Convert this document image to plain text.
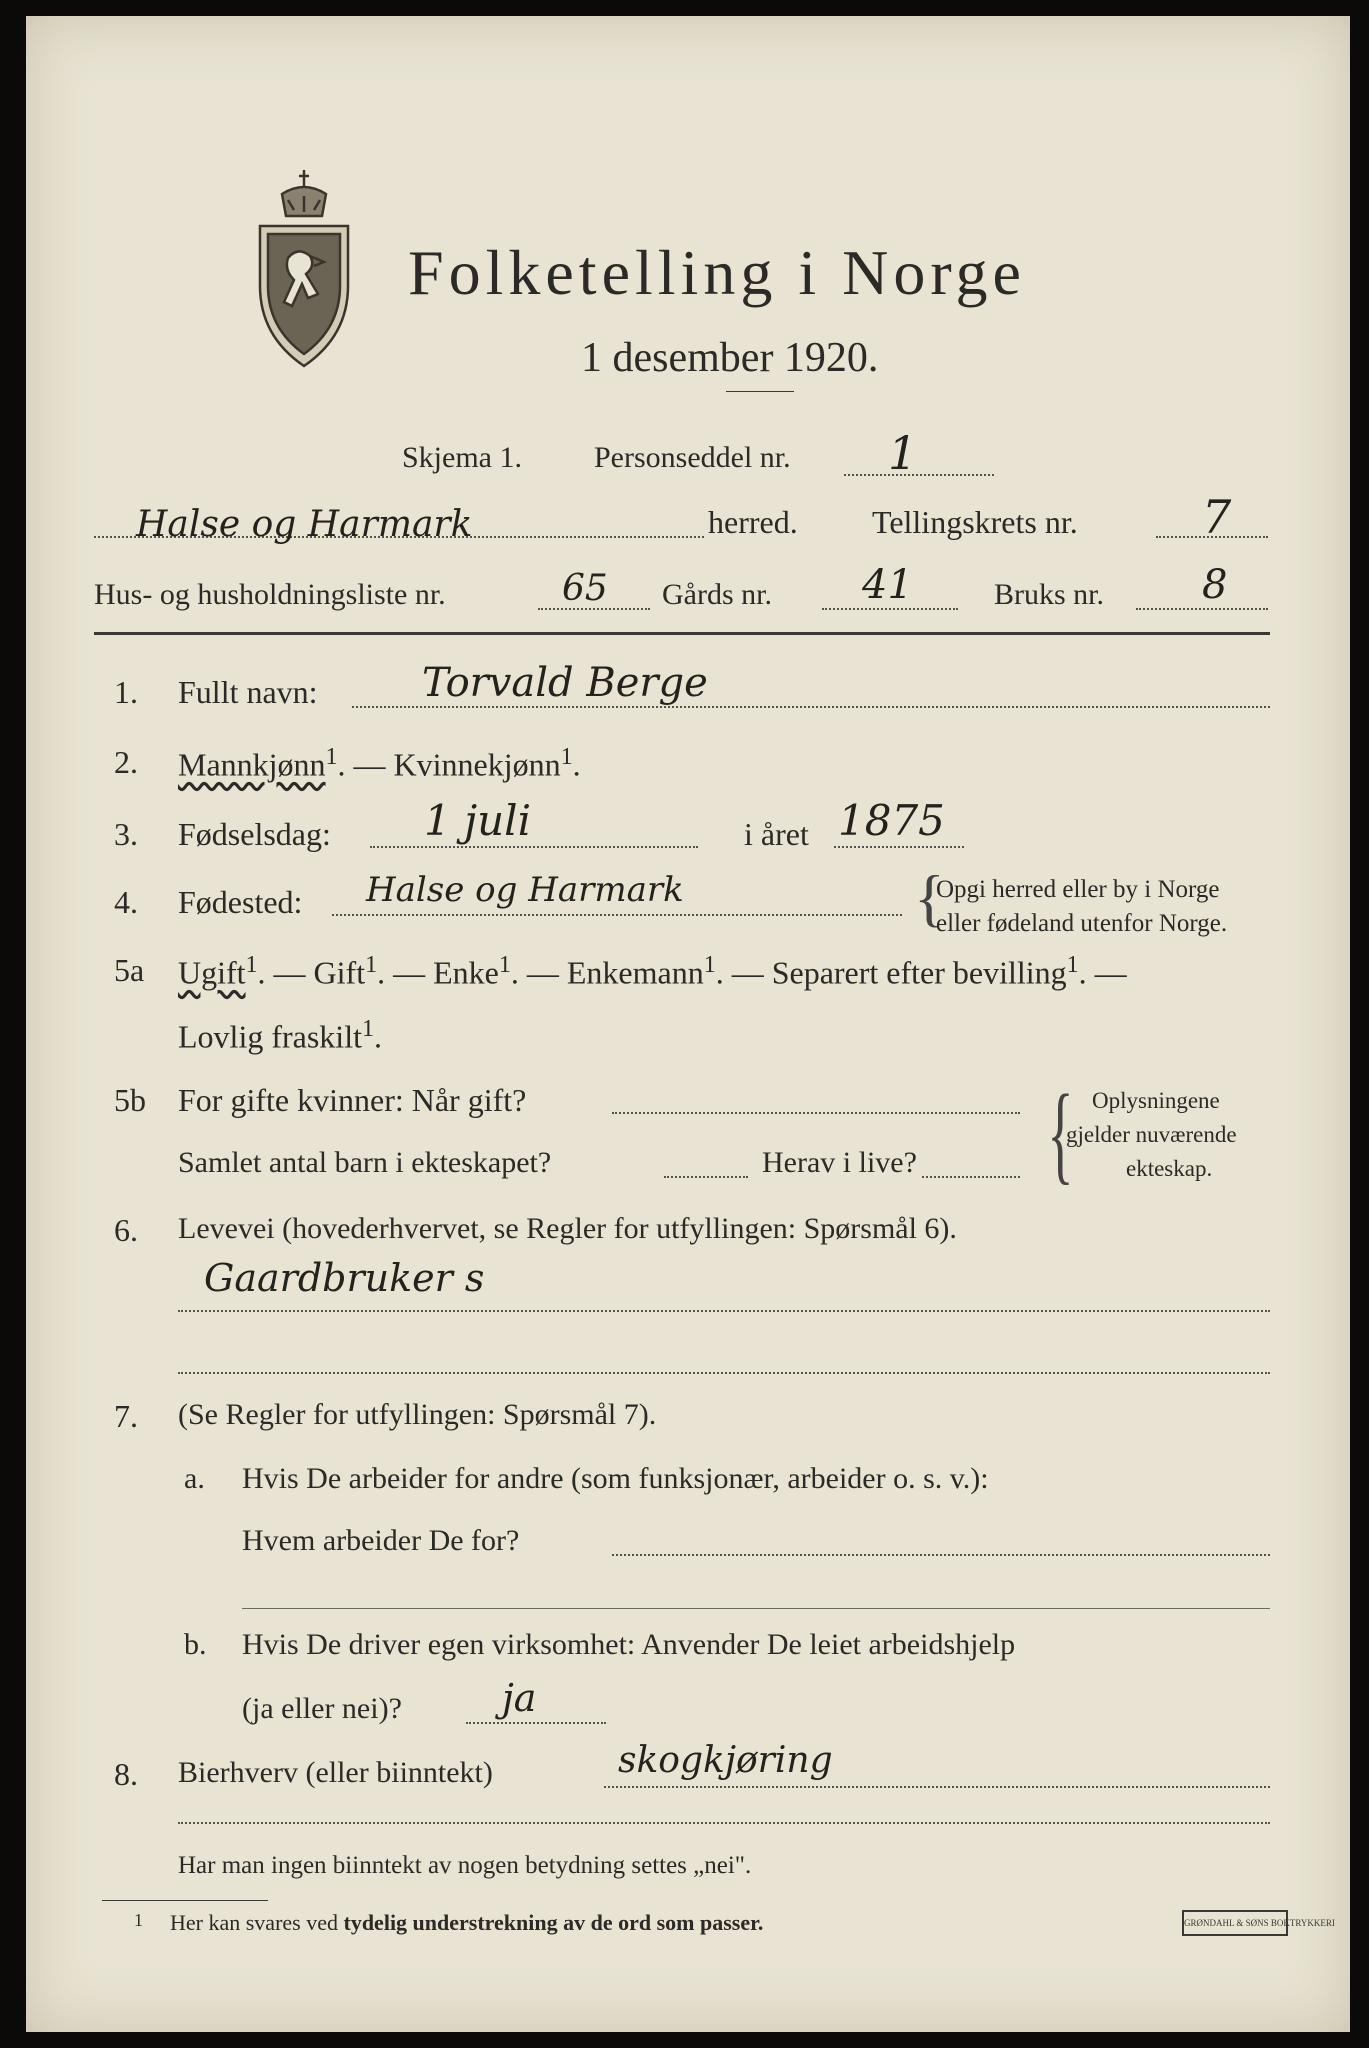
Folketelling i Norge
1 desember 1920.
Skjema 1. Personseddel nr. 1
Halse og Harmark	herred. Tellingskrets nr.	7
Hus- og husholdningsliste nr.	65 Gårds nr. 41	Bruks nr. 8
1. Fullt navn:	Torvald Berge
2. Mannkjønn$^1$. — Kvinnekjønn$^1$.
3. Fødselsdag: 1 juli	i året 1875
4. Fødested: Halse og Harmark	{
Opgi herred eller by i Norge
eller fødeland utenfor Norge.
5a Ugift$^1$. — Gift$^1$. — Enke$^1$. — Enkemann$^1$. — Separert efter bevilling$^1$. —
Lovlig fraskilt$^1$.
5b For gifte kvinner: Når gift?
Samlet antal barn i ekteskapet?	Herav i live? { Oplysningene
gjelder nuværende
ekteskap.
6. Levevei (hovederhvervet, se Regler for utfyllingen: Spørsmål 6).
Gaardbruker s
7. (Se Regler for utfyllingen: Spørsmål 7).
a. Hvis De arbeider for andre (som funksjonær, arbeider o. s. v.):
Hvem arbeider De for?
b. Hvis De driver egen virksomhet: Anvender De leiet arbeidshjelp
(ja eller nei)?	ja
8. Bierhverv (eller biinntekt)	skogkjøring
Har man ingen biinntekt av nogen betydning settes „nei".
1 Her kan svares ved tydelig understrekning av de ord som passer.	GRØNDAHL & SØNS BOKTRYKKERI
